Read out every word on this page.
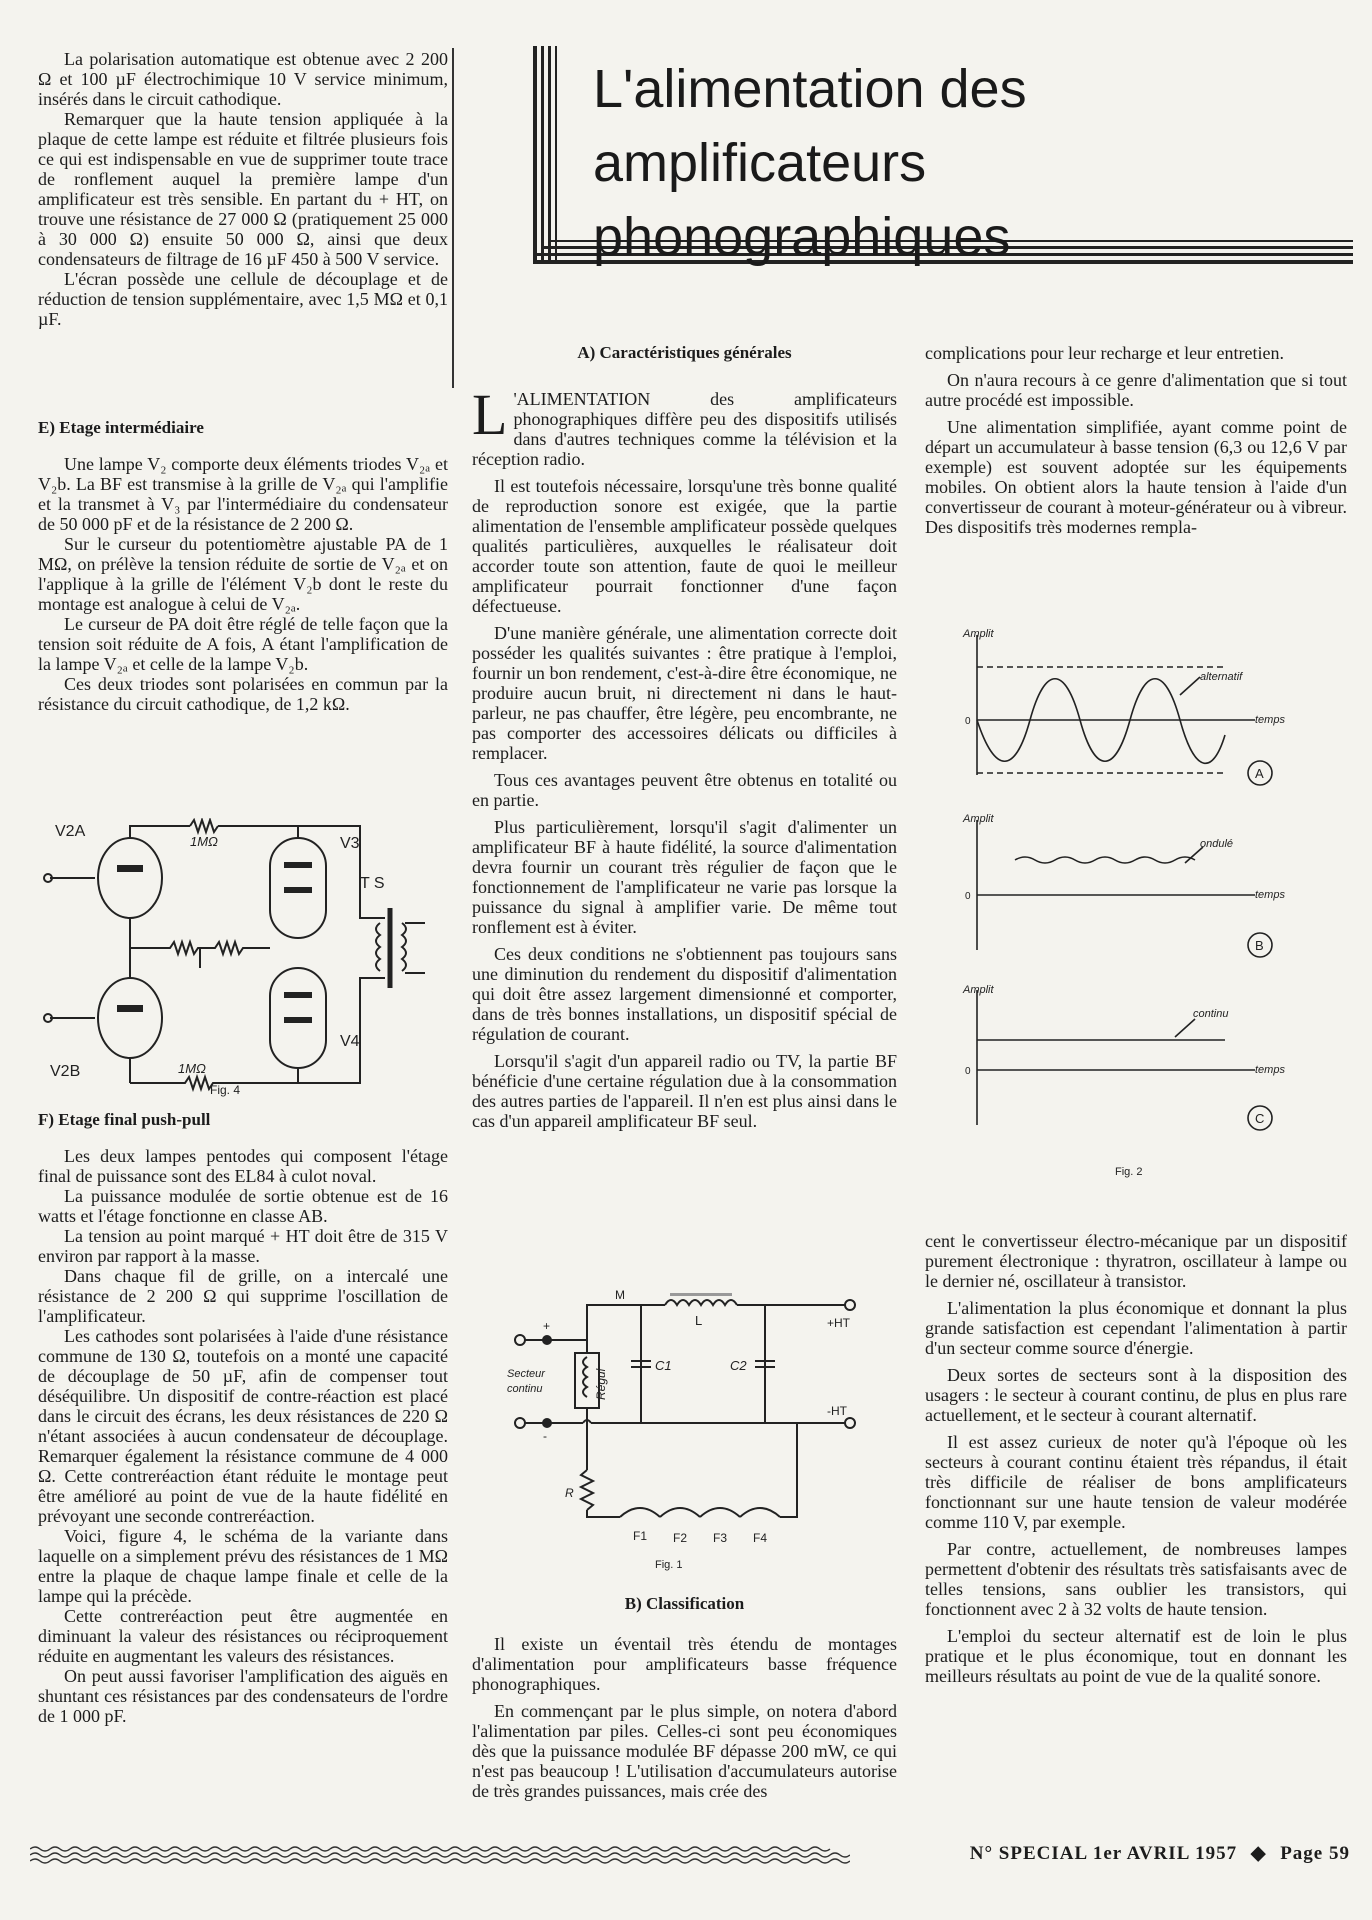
La polarisation automatique est obtenue avec 2 200 Ω et 100 µF électrochimique 10 V service minimum, insérés dans le circuit cathodique.

Remarquer que la haute tension appliquée à la plaque de cette lampe est réduite et filtrée plusieurs fois ce qui est indispensable en vue de supprimer toute trace de ronflement auquel la première lampe d'un amplificateur est très sensible. En partant du + HT, on trouve une résistance de 27 000 Ω (pratiquement 25 000 à 30 000 Ω) ensuite 50 000 Ω, ainsi que deux condensateurs de filtrage de 16 µF 450 à 500 V service.

L'écran possède une cellule de découplage et de réduction de tension supplémentaire, avec 1,5 MΩ et 0,1 µF.

E) Etage intermédiaire

Une lampe V₂ comporte deux éléments triodes V₂ₐ et V₂b. La BF est transmise à la grille de V₂ₐ qui l'amplifie et la transmet à V₃ par l'intermédiaire du condensateur de 50 000 pF et de la résistance de 2 200 Ω.

Sur le curseur du potentiomètre ajustable PA de 1 MΩ, on prélève la tension réduite de sortie de V₂ₐ et on l'applique à la grille de l'élément V₂b dont le reste du montage est analogue à celui de V₂ₐ.

Le curseur de PA doit être réglé de telle façon que la tension soit réduite de A fois, A étant l'amplification de la lampe V₂ₐ et celle de la lampe V₂b.

Ces deux triodes sont polarisées en commun par la résistance du circuit cathodique, de 1,2 kΩ.

V2A
1MΩ	V3
T S
V2B	1MΩ
V4
Fig. 4

F) Etage final push-pull

Les deux lampes pentodes qui composent l'étage final de puissance sont des EL84 à culot noval.

La puissance modulée de sortie obtenue est de 16 watts et l'étage fonctionne en classe AB.

La tension au point marqué + HT doit être de 315 V environ par rapport à la masse.

Dans chaque fil de grille, on a intercalé une résistance de 2 200 Ω qui supprime l'oscillation de l'amplificateur.

Les cathodes sont polarisées à l'aide d'une résistance commune de 130 Ω, toutefois on a monté une capacité de découplage de 50 µF, afin de compenser tout déséquilibre. Un dispositif de contre-réaction est placé dans le circuit des écrans, les deux résistances de 220 Ω n'étant associées à aucun condensateur de découplage. Remarquer également la résistance commune de 4 000 Ω. Cette contreréaction étant réduite le montage peut être amélioré au point de vue de la haute fidélité en prévoyant une seconde contreréaction.

Voici, figure 4, le schéma de la variante dans laquelle on a simplement prévu des résistances de 1 MΩ entre la plaque de chaque lampe finale et celle de la lampe qui la précède.

Cette contreréaction peut être augmentée en diminuant la valeur des résistances ou réciproquement réduite en augmentant les valeurs des résistances.

On peut aussi favoriser l'amplification des aiguës en shuntant ces résistances par des condensateurs de l'ordre de 1 000 pF.

L'alimentation des amplificateurs
phonographiques

A) Caractéristiques générales

L 'ALIMENTATION des amplificateurs phonographiques diffère peu des dispositifs utilisés dans d'autres techniques comme la télévision et la réception radio.

Il est toutefois nécessaire, lorsqu'une très bonne qualité de reproduction sonore est exigée, que la partie alimentation de l'ensemble amplificateur possède quelques qualités particulières, auxquelles le réalisateur doit accorder toute son attention, faute de quoi le meilleur amplificateur pourrait fonctionner d'une façon défectueuse.

D'une manière générale, une alimentation correcte doit posséder les qualités suivantes : être pratique à l'emploi, fournir un bon rendement, c'est-à-dire être économique, ne produire aucun bruit, ni directement ni dans le haut-parleur, ne pas chauffer, être légère, peu encombrante, ne pas comporter des accessoires délicats ou difficiles à remplacer.

Tous ces avantages peuvent être obtenus en totalité ou en partie.

Plus particulièrement, lorsqu'il s'agit d'alimenter un amplificateur BF à haute fidélité, la source d'alimentation devra fournir un courant très régulier de façon que le fonctionnement de l'amplificateur ne varie pas lorsque la puissance du signal à amplifier varie. De même tout ronflement est à éviter.

Ces deux conditions ne s'obtiennent pas toujours sans une diminution du rendement du dispositif d'alimentation qui doit être assez largement dimensionné et comporter, dans de très bonnes installations, un dispositif spécial de régulation de courant.

Lorsqu'il s'agit d'un appareil radio ou TV, la partie BF bénéficie d'une certaine régulation due à la consommation des autres parties de l'appareil. Il n'en est plus ainsi dans le cas d'un appareil amplificateur BF seul.

M
L	+HT
-HT
+
-
Secteur
continu	Régul
C1	C2
R
F1 F2 F3 F4
Fig. 1

B) Classification

Il existe un éventail très étendu de montages d'alimentation pour amplificateurs basse fréquence phonographiques.

En commençant par le plus simple, on notera d'abord l'alimentation par piles. Celles-ci sont peu économiques dès que la puissance modulée BF dépasse 200 mW, ce qui n'est pas beaucoup ! L'utilisation d'accumulateurs autorise de très grandes puissances, mais crée des

complications pour leur recharge et leur entretien.

On n'aura recours à ce genre d'alimentation que si tout autre procédé est impossible.

Une alimentation simplifiée, ayant comme point de départ un accumulateur à basse tension (6,3 ou 12,6 V par exemple) est souvent adoptée sur les équipements mobiles. On obtient alors la haute tension à l'aide d'un convertisseur de courant à moteur-générateur ou à vibreur. Des dispositifs très modernes rempla-

Amplit
alternatif
0	temps
A
Amplit
ondulé
0	temps
B
Amplit
continu
0	temps
C
Fig. 2

cent le convertisseur électro-mécanique par un dispositif purement électronique : thyratron, oscillateur à lampe ou le dernier né, oscillateur à transistor.

L'alimentation la plus économique et donnant la plus grande satisfaction est cependant l'alimentation à partir d'un secteur comme source d'énergie.

Deux sortes de secteurs sont à la disposition des usagers : le secteur à courant continu, de plus en plus rare actuellement, et le secteur à courant alternatif.

Il est assez curieux de noter qu'à l'époque où les secteurs à courant continu étaient très répandus, il était très difficile de réaliser de bons amplificateurs fonctionnant sur une haute tension de valeur modérée comme 110 V, par exemple.

Par contre, actuellement, de nombreuses lampes permettent d'obtenir des résultats très satisfaisants avec de telles tensions, sans oublier les transistors, qui fonctionnent avec 2 à 32 volts de haute tension.

L'emploi du secteur alternatif est de loin le plus pratique et le plus économique, tout en donnant les meilleurs résultats au point de vue de la qualité sonore.

N° SPECIAL 1er AVRIL 1957 ◆ Page 59
